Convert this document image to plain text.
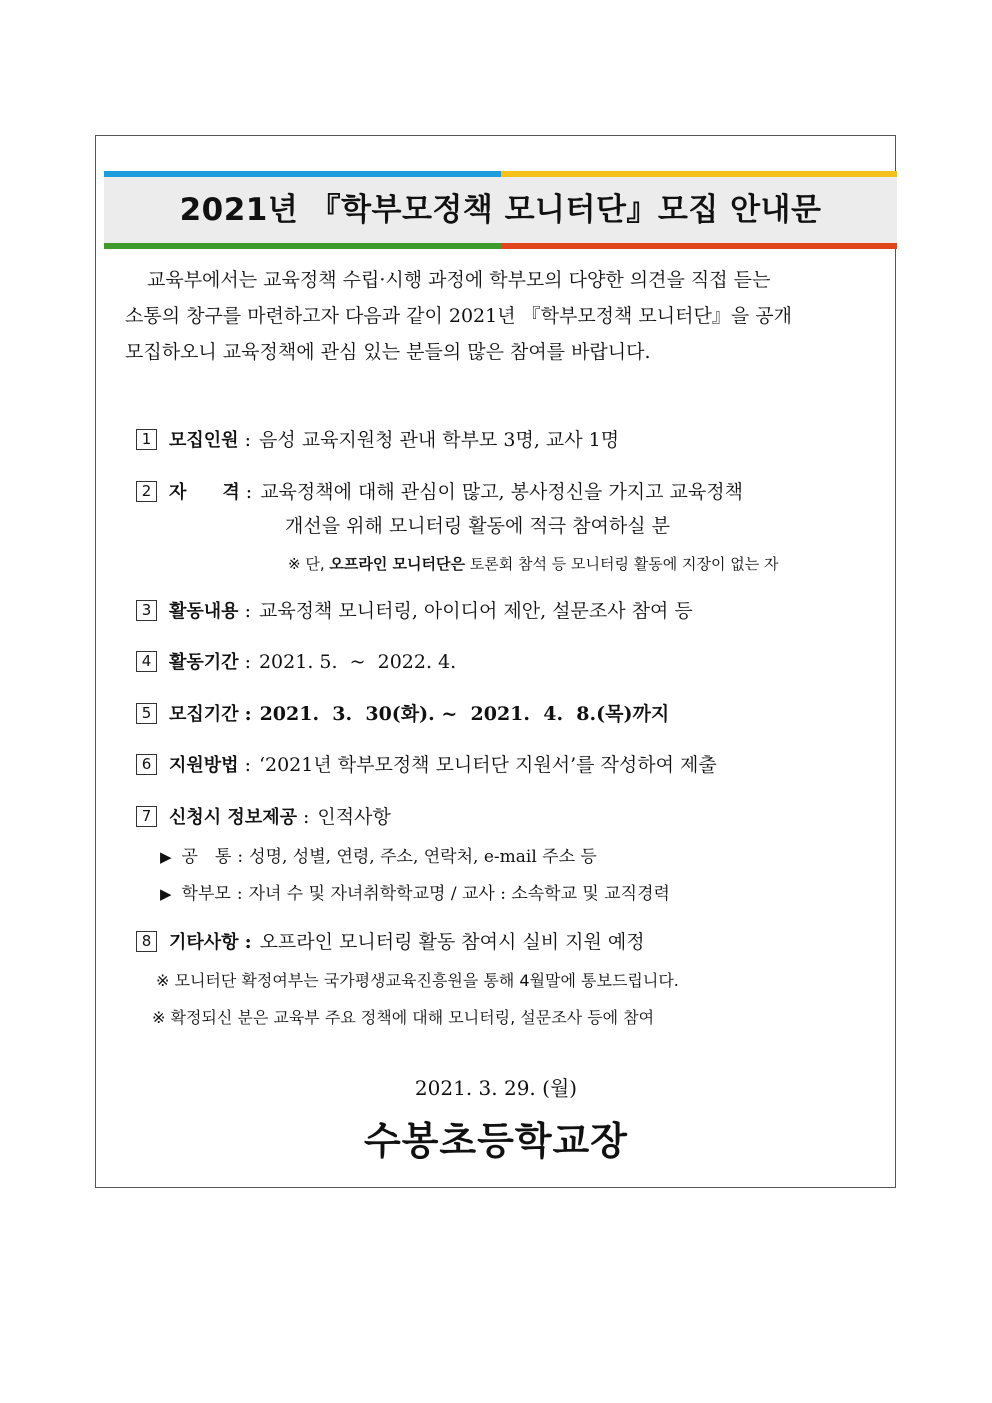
2021년 『학부모정책 모니터단』모집 안내문
교육부에서는 교육정책 수립·시행 과정에 학부모의 다양한 의견을 직접 듣는
소통의 창구를 마련하고자 다음과 같이 2021년 『학부모정책 모니터단』을 공개
모집하오니 교육정책에 관심 있는 분들의 많은 참여를 바랍니다.
1 모집인원 : 음성 교육지원청 관내 학부모 3명, 교사 1명
2 자　　격 : 교육정책에 대해 관심이 많고, 봉사정신을 가지고 교육정책
개선을 위해 모니터링 활동에 적극 참여하실 분
※ 단, 오프라인 모니터단은 토론회 참석 등 모니터링 활동에 지장이 없는 자
3 활동내용 : 교육정책 모니터링, 아이디어 제안, 설문조사 참여 등
4 활동기간 : 2021. 5.  ~  2022. 4.
5 모집기간 : 2021.  3.  30(화). ~  2021.  4.  8.(목)까지
6 지원방법 : ‘2021년 학부모정책 모니터단 지원서’를 작성하여 제출
7 신청시 정보제공 : 인적사항
▶ 공　통 : 성명, 성별, 연령, 주소, 연락처, e-mail 주소 등
▶ 학부모 : 자녀 수 및 자녀취학학교명 / 교사 : 소속학교 및 교직경력
8 기타사항 : 오프라인 모니터링 활동 참여시 실비 지원 예정
※ 모니터단 확정여부는 국가평생교육진흥원을 통해 4월말에 통보드립니다.
※ 확정되신 분은 교육부 주요 정책에 대해 모니터링, 설문조사 등에 참여
2021. 3. 29. (월)
수봉초등학교장
